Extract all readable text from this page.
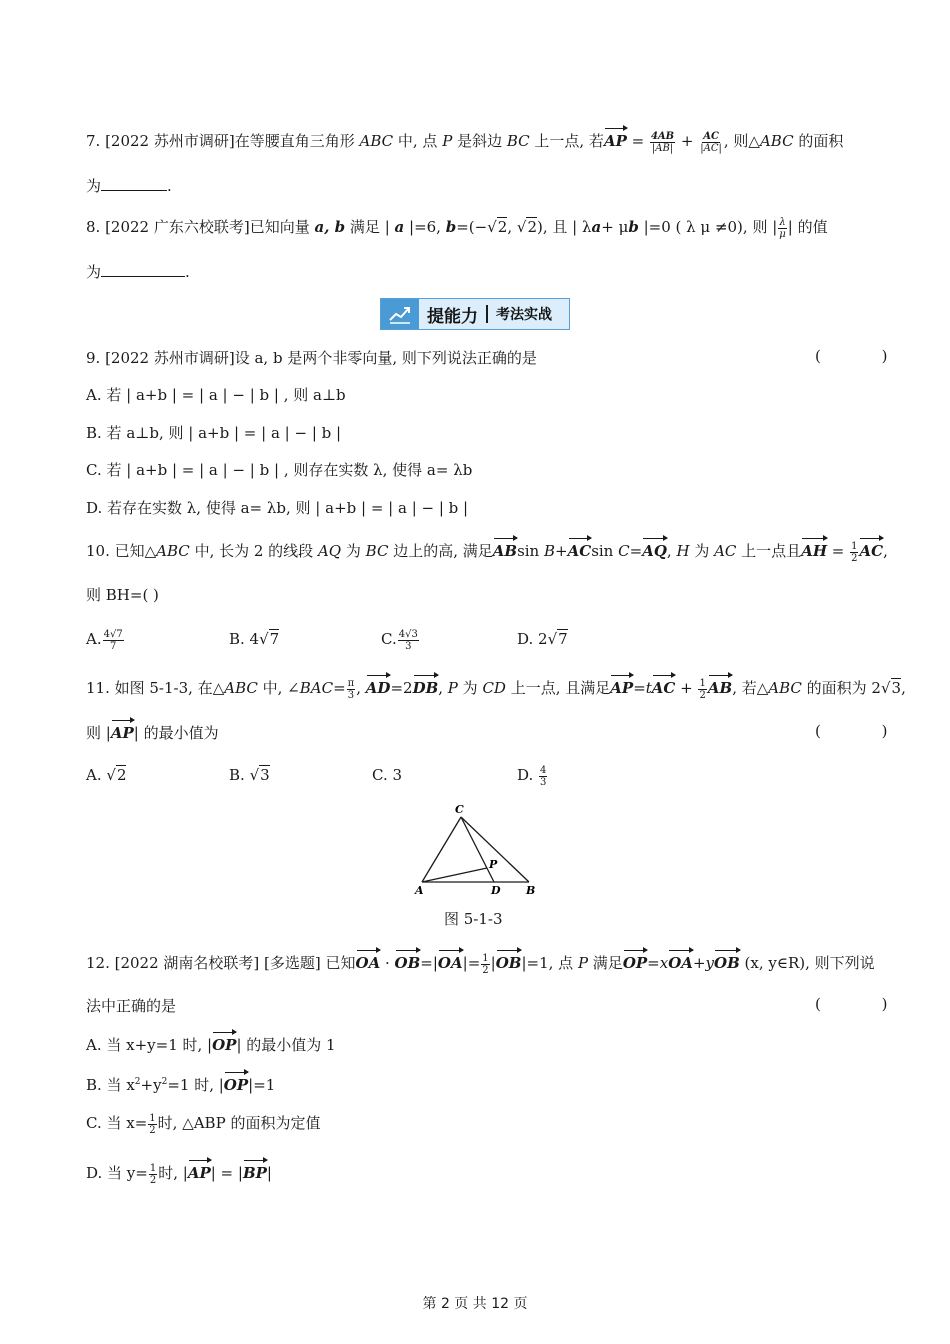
7. [2022 苏州市调研]在等腰直角三角形 ABC 中, 点 P 是斜边 BC 上一点, 若AP = $\frac{4AB}{|AB|} + \frac{AC}{|AC|}$ , 则△ABC 的面积
为	.
8. [2022 广东六校联考]已知向量 a, b 满足 | a |=6, b=(−√2, √2), 且 | λa+ μb |=0 ( λ μ ≠0), 则 | $\frac{\lambda}{\mu}$ | 的值
为	.
提能力 考法实战
9. [2022 苏州市调研]设 a, b 是两个非零向量, 则下列说法正确的是	( )
A. 若 | a+b | = | a | − | b | , 则 a⊥b
B. 若 a⊥b, 则 | a+b | = | a | − | b |
C. 若 | a+b | = | a | − | b | , 则存在实数 λ, 使得 a= λb
D. 若存在实数 λ, 使得 a= λb, 则 | a+b | = | a | − | b |
10. 已知△ABC 中, 长为 2 的线段 AQ 为 BC 边上的高, 满足ABsin B+ACsin C=AQ, H 为 AC 上一点且AH = $\frac{1}{2}$ AC,
则 BH=( )
A. $\frac{4√7}{7}$	B. 4√7	C. $\frac{4√3}{3}$	D. 2√7
11. 如图 5-1-3, 在△ABC 中, ∠BAC= $\frac{\pi}{3}$ , AD=2DB, P 为 CD 上一点, 且满足$AP=tAC + \frac{1}{2}$ AB, 若△ABC 的面积为 2√3,
则 |AP| 的最小值为	( )
A. √2	B. √3	C. 3	D. $\frac{4}{3}$
C
A	D B
P
图 5-1-3
12. [2022 湖南名校联考] [多选题] 已知OA · $OB=|OA|= \frac{1}{2} |OB|=1$, 点 P 满足OP=xOA+yOB (x, y∈R), 则下列说
法中正确的是	( )
A. 当 x+y=1 时, |OP| 的最小值为 1
B. 当 $x^2+y^2=1$ 时, |OP|=1
C. 当 $x= \frac{1}{2}$ 时, △ABP 的面积为定值
D. 当 $y= \frac{1}{2}$ 时, |AP| = |BP|
第 2 页 共 12 页
